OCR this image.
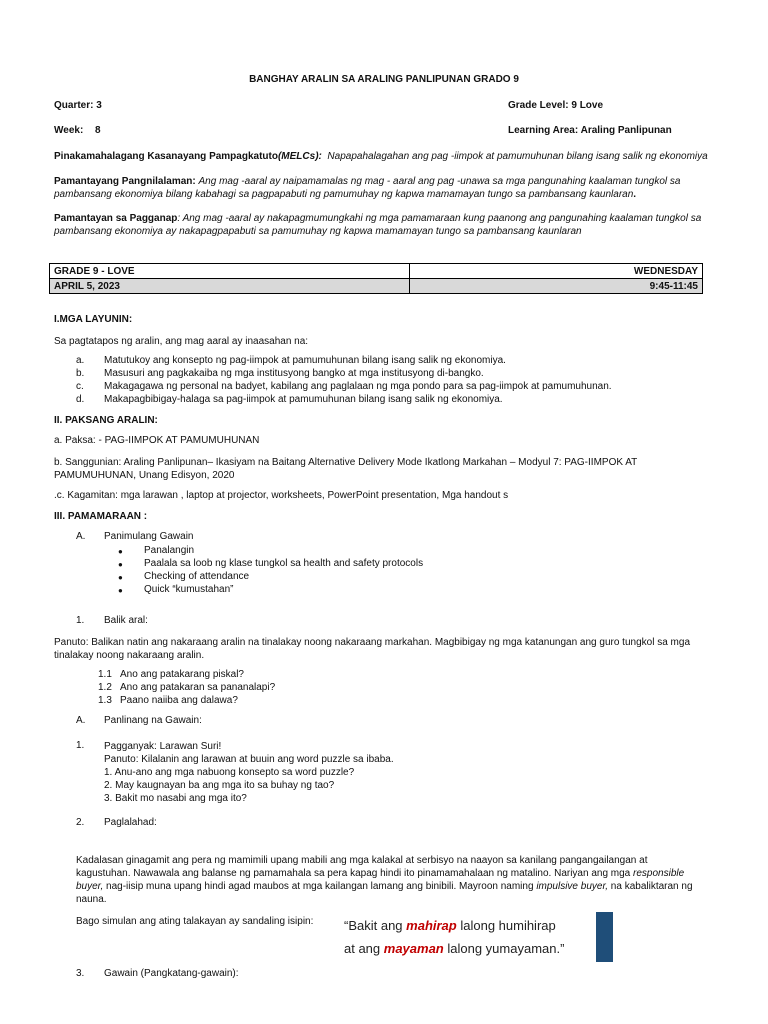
BANGHAY ARALIN SA ARALING PANLIPUNAN GRADO 9
Quarter: 3	Grade Level: 9 Love
Week: 8	Learning Area: Araling Panlipunan
Pinakamahalagang Kasanayang Pampagkatuto(MELCs): Napapahalagahan ang pag -iimpok at pamumuhunan bilang isang salik ng ekonomiya
Pamantayang Pangnilalaman: Ang mag -aaral ay naipamamalas ng mag - aaral ang pag -unawa sa mga pangunahing kaalaman tungkol sa
pambansang ekonomiya bilang kabahagi sa pagpapabuti ng pamumuhay ng kapwa mamamayan tungo sa pambansang kaunlaran.
Pamantayan sa Pagganap: Ang mag -aaral ay nakapagmumungkahi ng mga pamamaraan kung paanong ang pangunahing kaalaman tungkol sa
pambansang ekonomiya ay nakapagpapabuti sa pamumuhay ng kapwa mamamayan tungo sa pambansang kaunlaran
GRADE 9 - LOVE	WEDNESDAY
APRIL 5, 2023	9:45-11:45
I.MGA LAYUNIN:
Sa pagtatapos ng aralin, ang mag aaral ay inaasahan na:
a.	Matutukoy ang konsepto ng pag-iimpok at pamumuhunan bilang isang salik ng ekonomiya.
b.	Masusuri ang pagkakaiba ng mga institusyong bangko at mga institusyong di-bangko.
c.	Makagagawa ng personal na badyet, kabilang ang paglalaan ng mga pondo para sa pag-iimpok at pamumuhunan.
d.	Makapagbibigay-halaga sa pag-iimpok at pamumuhunan bilang isang salik ng ekonomiya.
II. PAKSANG ARALIN:
a. Paksa: - PAG-IIMPOK AT PAMUMUHUNAN
b. Sanggunian: Araling Panlipunan– Ikasiyam na Baitang Alternative Delivery Mode Ikatlong Markahan – Modyul 7: PAG-IIMPOK AT
PAMUMUHUNAN, Unang Edisyon, 2020
.c. Kagamitan: mga larawan , laptop at projector, worksheets, PowerPoint presentation, Mga handout s
III. PAMAMARAAN :
A. Panimulang Gawain
●	Panalangin
●	Paalala sa loob ng klase tungkol sa health and safety protocols
●	Checking of attendance
●	Quick “kumustahan”
1. Balik aral:
Panuto: Balikan natin ang nakaraang aralin na tinalakay noong nakaraang markahan. Magbibigay ng mga katanungan ang guro tungkol sa mga
tinalakay noong nakaraang aralin.
1.1 Ano ang patakarang piskal?
1.2 Ano ang patakaran sa pananalapi?
1.3 Paano naiiba ang dalawa?
A. Panlinang na Gawain:
1. Pagganyak: Larawan Suri!
Panuto: Kilalanin ang larawan at buuin ang word puzzle sa ibaba.
1. Anu-ano ang mga nabuong konsepto sa word puzzle?
2. May kaugnayan ba ang mga ito sa buhay ng tao?
3. Bakit mo nasabi ang mga ito?
2. Paglalahad:
Kadalasan ginagamit ang pera ng mamimili upang mabili ang mga kalakal at serbisyo na naayon sa kanilang pangangailangan at
kagustuhan. Nawawala ang balanse ng pamamahala sa pera kapag hindi ito pinamamahalaan ng matalino. Nariyan ang mga responsible
buyer, nag-iisip muna upang hindi agad maubos at mga kailangan lamang ang binibili. Mayroon naming impulsive buyer, na kabaliktaran ng
nauna.
Bago simulan ang ating talakayan ay sandaling isipin: “Bakit ang mahirap lalong humihirap
at ang mayaman lalong yumayaman.”
3. Gawain (Pangkatang-gawain):
